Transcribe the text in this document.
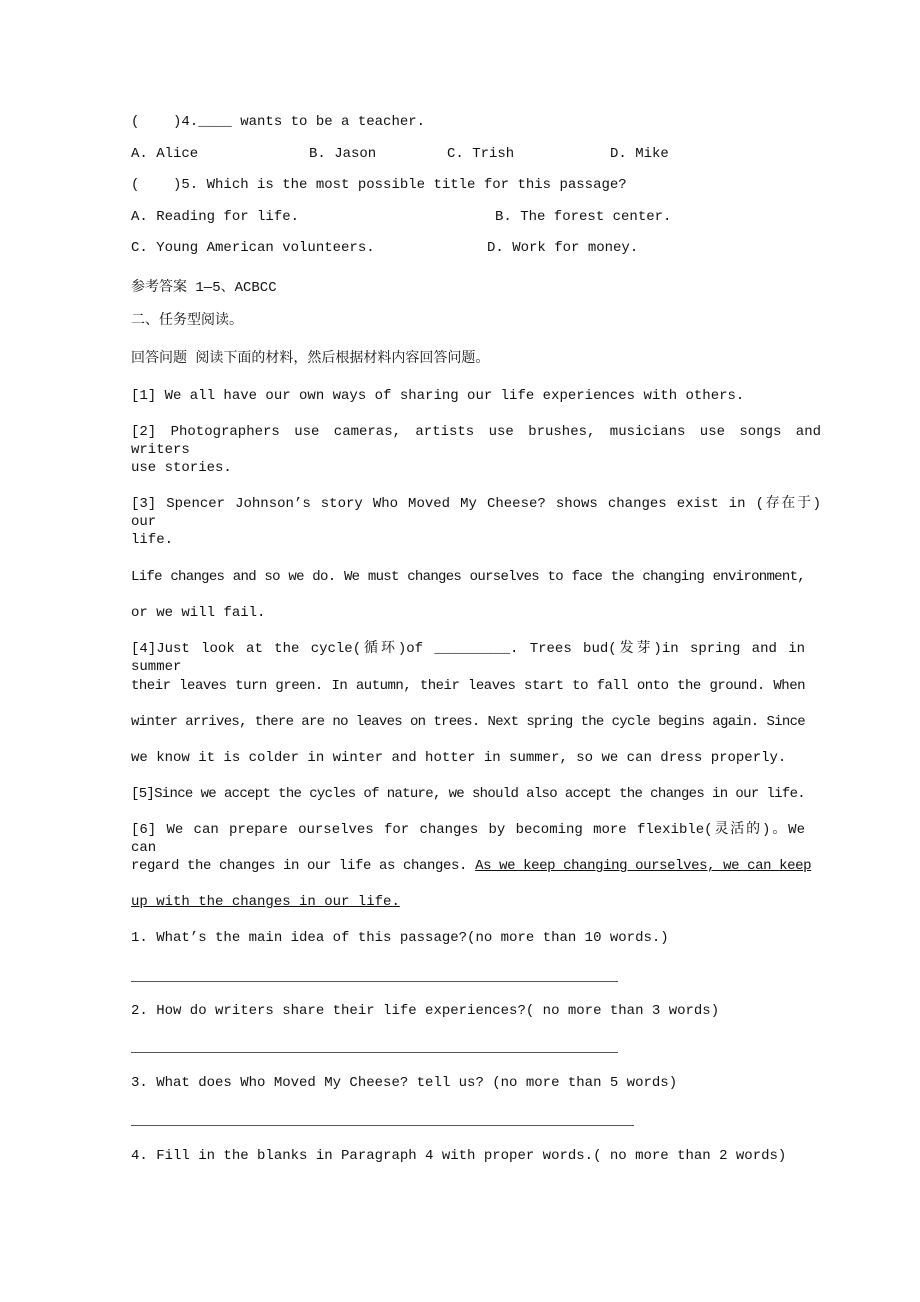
(    )4.____ wants to be a teacher.
A. Alice	B. Jason	C. Trish	D. Mike
(    )5. Which is the most possible title for this passage?
A. Reading for life.	B. The forest center.
C. Young American volunteers.	D. Work for money.
参考答案 1—5、ACBCC
二、任务型阅读。
回答问题 阅读下面的材料，然后根据材料内容回答问题。
[1] We all have our own ways of sharing our life experiences with others.
[2] Photographers use cameras, artists use brushes, musicians use songs and writers
use stories.
[3] Spencer Johnson’s story Who Moved My Cheese? shows changes exist in (存在于) our
life.
Life changes and so we do. We must changes ourselves to face the changing environment,
or we will fail.
[4]Just look at the cycle(循环)of _________. Trees bud(发芽)in spring and in summer
their leaves turn green. In autumn, their leaves start to fall onto the ground. When
winter arrives, there are no leaves on trees. Next spring the cycle begins again. Since
we know it is colder in winter and hotter in summer, so we can dress properly.
[5]Since we accept the cycles of nature, we should also accept the changes in our life.
[6] We can prepare ourselves for changes by becoming more flexible(灵活的)。We can
regard the changes in our life as changes. As we keep changing ourselves, we can keep
up with the changes in our life.
1. What’s the main idea of this passage?(no more than 10 words.)
2. How do writers share their life experiences?( no more than 3 words)
3. What does Who Moved My Cheese? tell us? (no more than 5 words)
4. Fill in the blanks in Paragraph 4 with proper words.( no more than 2 words)
